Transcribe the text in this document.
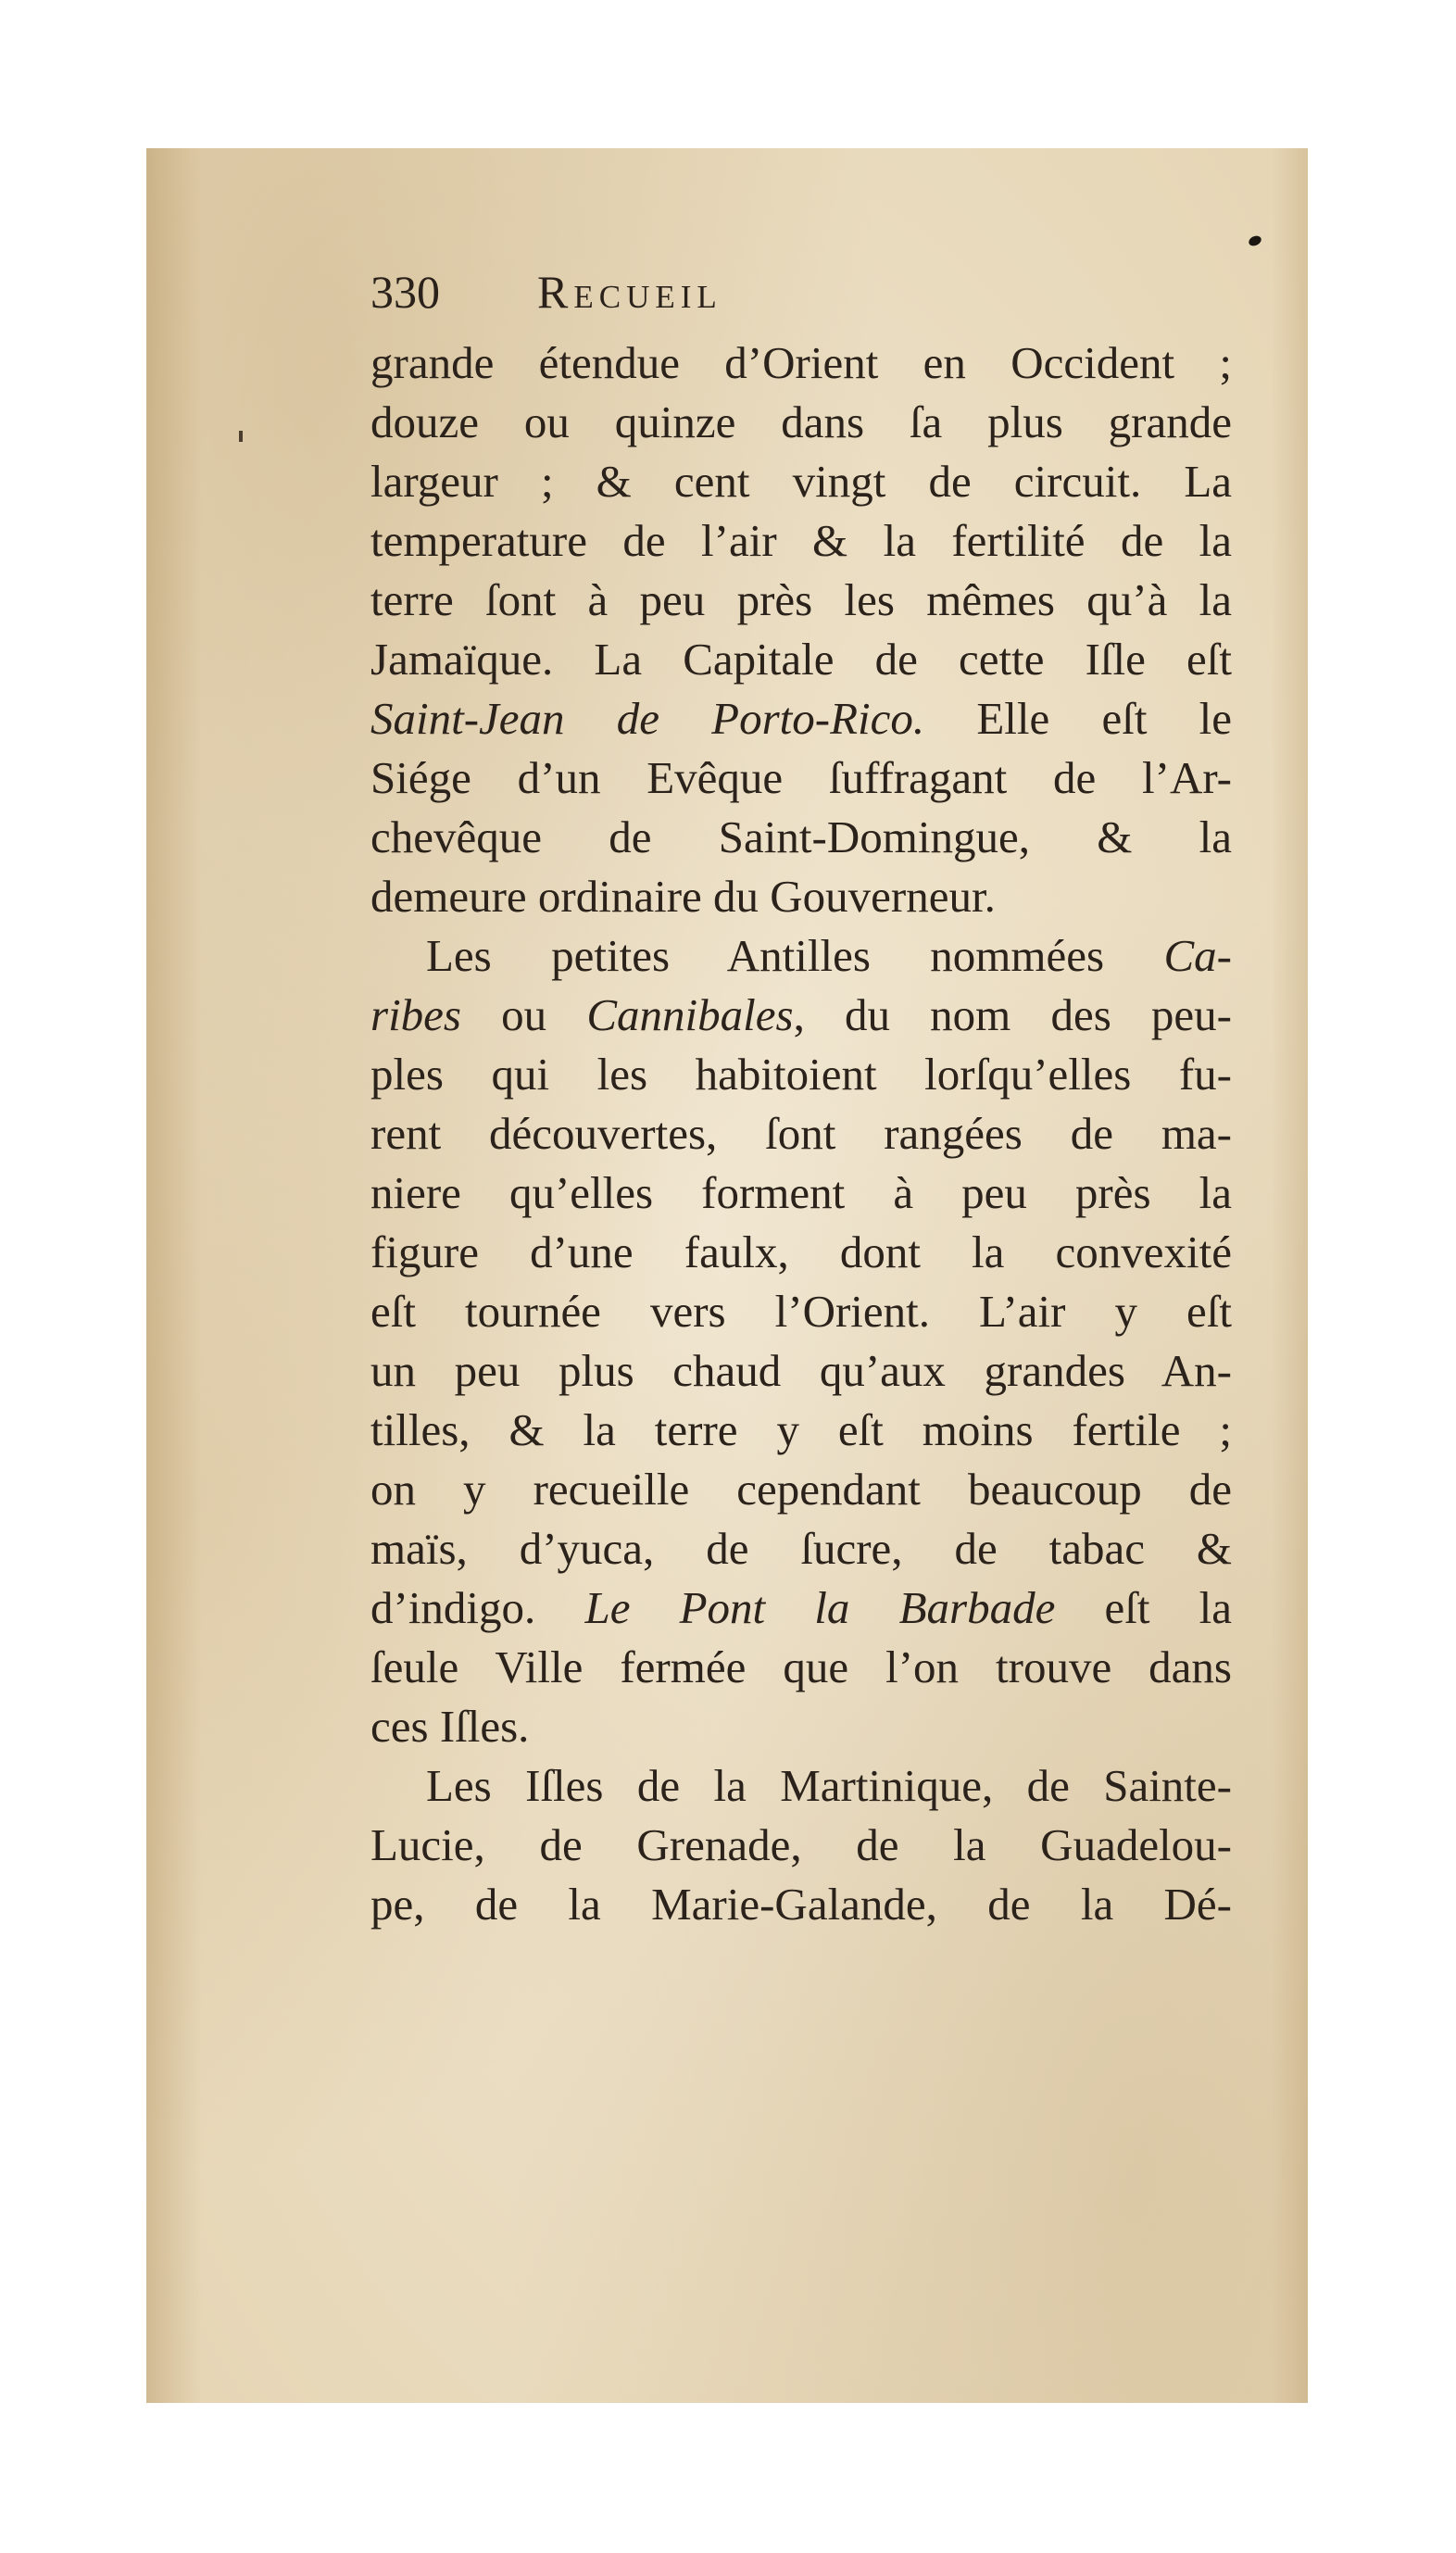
330 Recueil
grande étendue d’Orient en Occident ;
douze ou quinze dans ſa plus grande
largeur ; & cent vingt de circuit. La
temperature de l’air & la fertilité de la
terre ſont à peu près les mêmes qu’à la
Jamaïque. La Capitale de cette Iſle eſt
Saint-Jean de Porto-Rico. Elle eſt le
Siége d’un Evêque ſuffragant de l’Ar-
chevêque de Saint-Domingue, & la
demeure ordinaire du Gouverneur.
Les petites Antilles nommées Ca-
ribes ou Cannibales, du nom des peu-
ples qui les habitoient lorſqu’elles fu-
rent découvertes, ſont rangées de ma-
niere qu’elles forment à peu près la
figure d’une faulx, dont la convexité
eſt tournée vers l’Orient. L’air y eſt
un peu plus chaud qu’aux grandes An-
tilles, & la terre y eſt moins fertile ;
on y recueille cependant beaucoup de
maïs, d’yuca, de ſucre, de tabac &
d’indigo. Le Pont la Barbade eſt la
ſeule Ville fermée que l’on trouve dans
ces Iſles.
Les Iſles de la Martinique, de Sainte-
Lucie, de Grenade, de la Guadelou-
pe, de la Marie-Galande, de la Dé-
